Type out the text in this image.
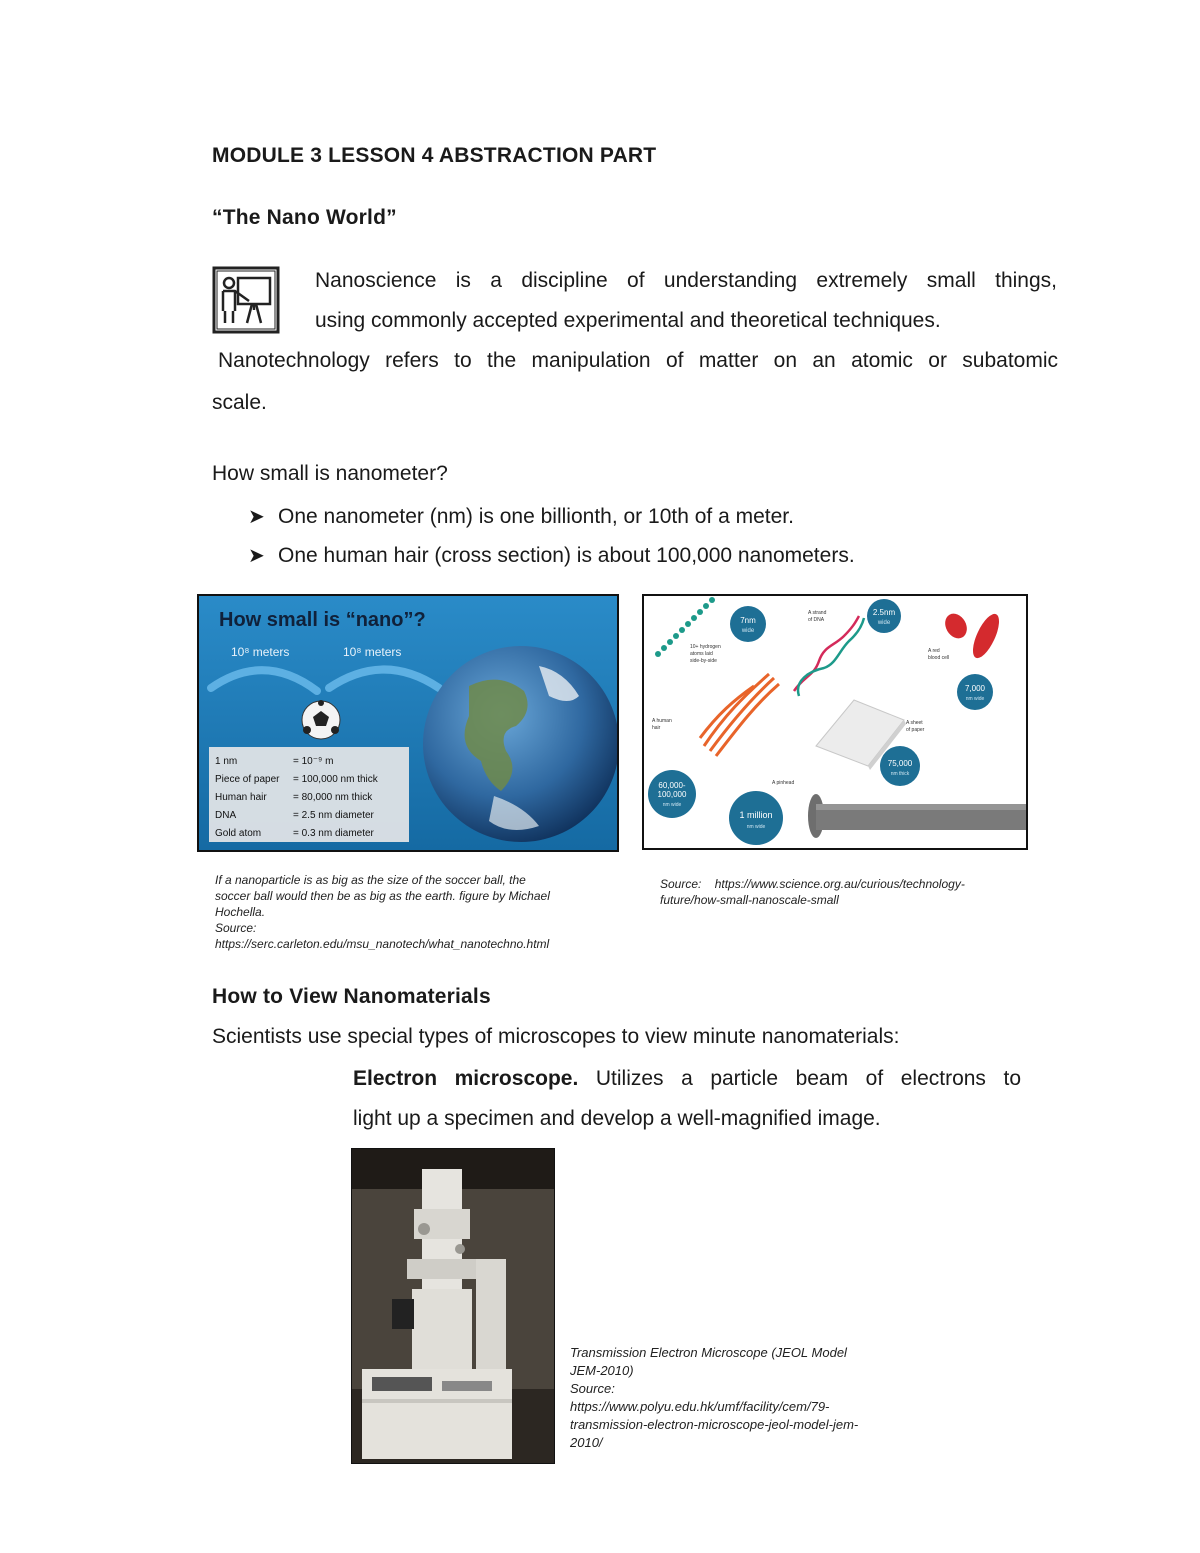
MODULE 3 LESSON 4 ABSTRACTION PART
“The Nano World”
Nanoscience is a discipline of understanding extremely small things,
using commonly accepted experimental and theoretical techniques.
Nanotechnology refers to the manipulation of matter on an atomic or subatomic
scale.
How small is nanometer?
➤ One nanometer (nm) is one billionth, or 10th of a meter.
➤ One human hair (cross section) is about 100,000 nanometers.
How small is “nano”?
10⁸ meters	10⁸ meters
1 nm	= 10⁻⁹ m
Piece of paper = 100,000 nm thick
Human hair	= 80,000 nm thick
DNA	= 2.5 nm diameter
Gold atom	= 0.3 nm diameter
7nm
wide
10+ hydrogen
atoms laid
side-by-side
A strand
of DNA
2.5nm
wide
A red
blood cell
7,000
nm wide
A human
hair
A sheet
of paper
75,000
nm thick
60,000-
100,000
nm wide
A pinhead
1 million
nm wide
If a nanoparticle is as big as the size of the soccer ball, the
soccer ball would then be as big as the earth. figure by Michael
Hochella.
Source:
https://serc.carleton.edu/msu_nanotech/what_nanotechno.html
Source:    https://www.science.org.au/curious/technology-
future/how-small-nanoscale-small
How to View Nanomaterials
Scientists use special types of microscopes to view minute nanomaterials:
Electron microscope. Utilizes a particle beam of electrons to
light up a specimen and develop a well-magnified image.
Transmission Electron Microscope (JEOL Model
JEM-2010)
Source:
https://www.polyu.edu.hk/umf/facility/cem/79-
transmission-electron-microscope-jeol-model-jem-
2010/
